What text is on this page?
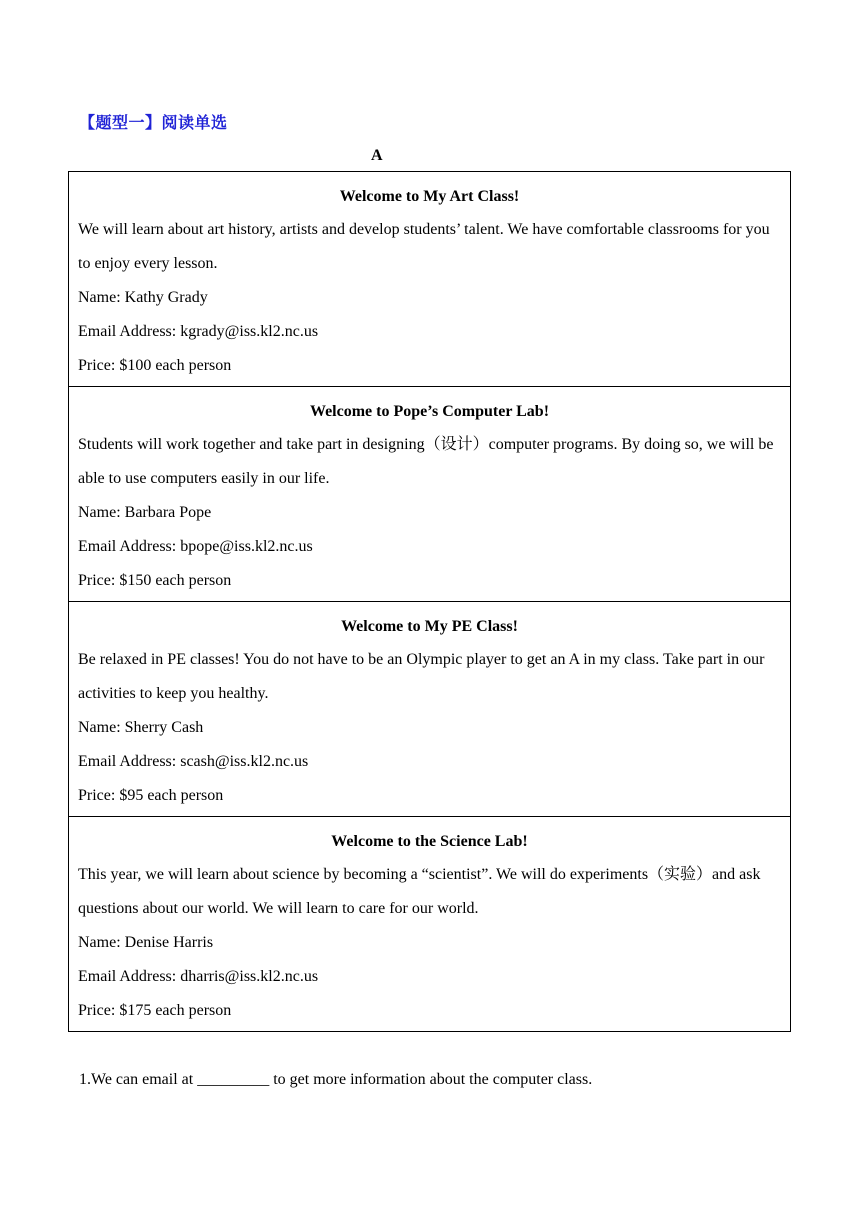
【题型一】阅读单选
A
Welcome to My Art Class!
We will learn about art history, artists and develop students’ talent. We have comfortable classrooms for you to enjoy every lesson.
Name: Kathy Grady
Email Address: kgrady@iss.kl2.nc.us
Price: $100 each person
Welcome to Pope’s Computer Lab!
Students will work together and take part in designing（设计）computer programs. By doing so, we will be able to use computers easily in our life.
Name: Barbara Pope
Email Address: bpope@iss.kl2.nc.us
Price: $150 each person
Welcome to My PE Class!
Be relaxed in PE classes! You do not have to be an Olympic player to get an A in my class. Take part in our activities to keep you healthy.
Name: Sherry Cash
Email Address: scash@iss.kl2.nc.us
Price: $95 each person
Welcome to the Science Lab!
This year, we will learn about science by becoming a “scientist”. We will do experiments（实验）and ask questions about our world. We will learn to care for our world.
Name: Denise Harris
Email Address: dharris@iss.kl2.nc.us
Price: $175 each person
1.We can email at _________ to get more information about the computer class.
